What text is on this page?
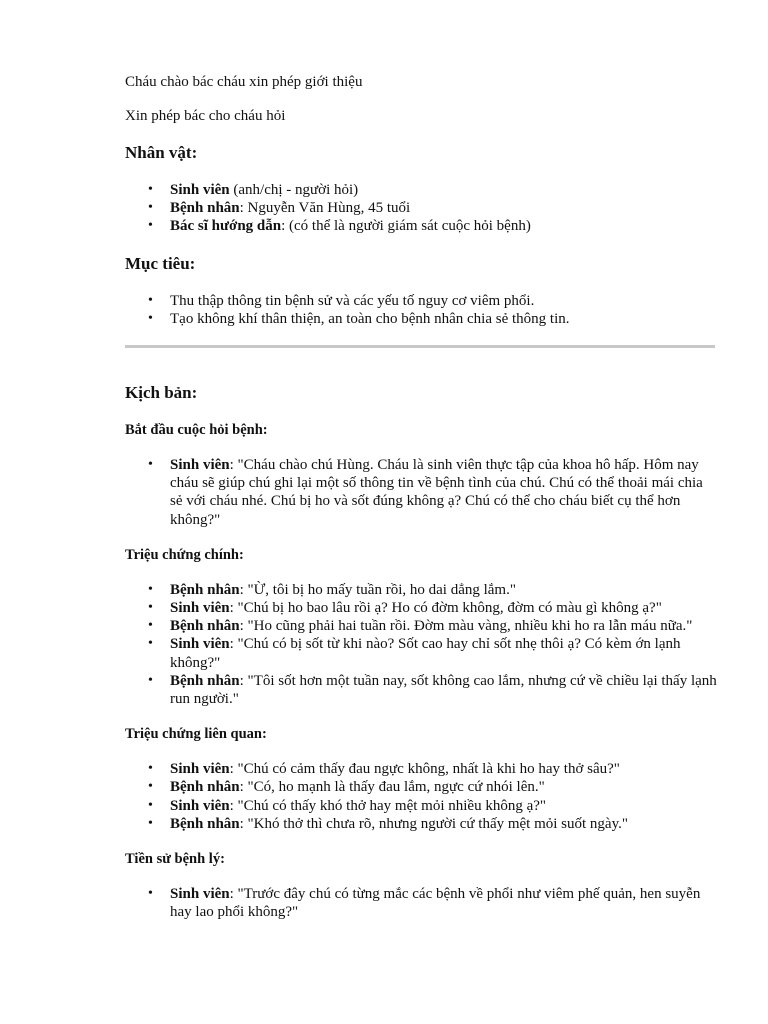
Cháu chào bác cháu xin phép giới thiệu

Xin phép bác cho cháu hỏi

Nhân vật:
• Sinh viên (anh/chị - người hỏi)
• Bệnh nhân: Nguyễn Văn Hùng, 45 tuổi
• Bác sĩ hướng dẫn: (có thể là người giám sát cuộc hỏi bệnh)
Mục tiêu:
• Thu thập thông tin bệnh sử và các yếu tố nguy cơ viêm phổi.
• Tạo không khí thân thiện, an toàn cho bệnh nhân chia sẻ thông tin.
Kịch bản:
Bắt đầu cuộc hỏi bệnh:
• Sinh viên: "Cháu chào chú Hùng. Cháu là sinh viên thực tập của khoa hô hấp. Hôm nay cháu sẽ giúp chú ghi lại một số thông tin về bệnh tình của chú. Chú có thể thoải mái chia sẻ với cháu nhé. Chú bị ho và sốt đúng không ạ? Chú có thể cho cháu biết cụ thể hơn không?"
Triệu chứng chính:
• Bệnh nhân: "Ừ, tôi bị ho mấy tuần rồi, ho dai dẳng lắm."
• Sinh viên: "Chú bị ho bao lâu rồi ạ? Ho có đờm không, đờm có màu gì không ạ?"
• Bệnh nhân: "Ho cũng phải hai tuần rồi. Đờm màu vàng, nhiều khi ho ra lẫn máu nữa."
• Sinh viên: "Chú có bị sốt từ khi nào? Sốt cao hay chỉ sốt nhẹ thôi ạ? Có kèm ớn lạnh không?"
• Bệnh nhân: "Tôi sốt hơn một tuần nay, sốt không cao lắm, nhưng cứ về chiều lại thấy lạnh run người."
Triệu chứng liên quan:
• Sinh viên: "Chú có cảm thấy đau ngực không, nhất là khi ho hay thở sâu?"
• Bệnh nhân: "Có, ho mạnh là thấy đau lắm, ngực cứ nhói lên."
• Sinh viên: "Chú có thấy khó thở hay mệt mỏi nhiều không ạ?"
• Bệnh nhân: "Khó thở thì chưa rõ, nhưng người cứ thấy mệt mỏi suốt ngày."
Tiền sử bệnh lý:
• Sinh viên: "Trước đây chú có từng mắc các bệnh về phổi như viêm phế quản, hen suyễn hay lao phổi không?"
